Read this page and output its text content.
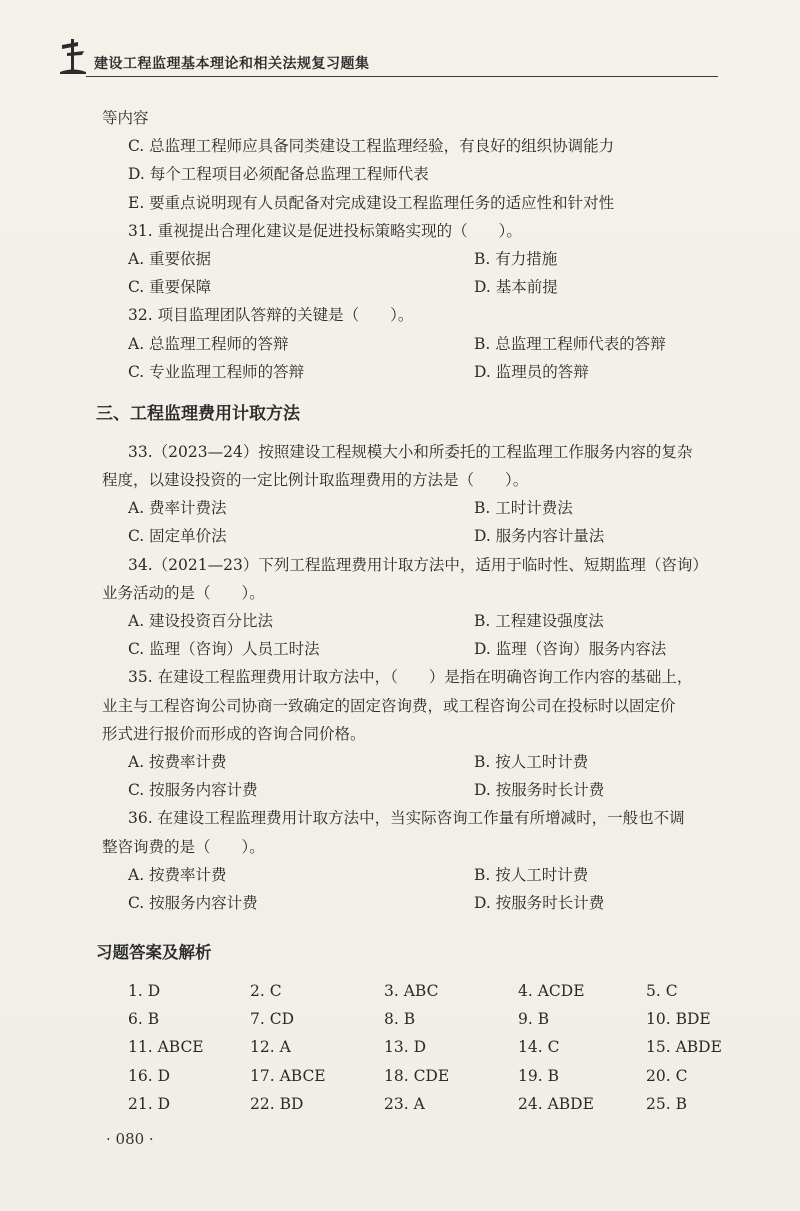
建设工程监理基本理论和相关法规复习题集
等内容
C. 总监理工程师应具备同类建设工程监理经验，有良好的组织协调能力
D. 每个工程项目必须配备总监理工程师代表
E. 要重点说明现有人员配备对完成建设工程监理任务的适应性和针对性
31. 重视提出合理化建议是促进投标策略实现的（　　）。
A. 重要依据	B. 有力措施
C. 重要保障	D. 基本前提
32. 项目监理团队答辩的关键是（　　）。
A. 总监理工程师的答辩	B. 总监理工程师代表的答辩
C. 专业监理工程师的答辩	D. 监理员的答辩
三、工程监理费用计取方法
33.（2023—24）按照建设工程规模大小和所委托的工程监理工作服务内容的复杂
程度，以建设投资的一定比例计取监理费用的方法是（　　）。
A. 费率计费法	B. 工时计费法
C. 固定单价法	D. 服务内容计量法
34.（2021—23）下列工程监理费用计取方法中，适用于临时性、短期监理（咨询）
业务活动的是（　　）。
A. 建设投资百分比法	B. 工程建设强度法
C. 监理（咨询）人员工时法	D. 监理（咨询）服务内容法
35. 在建设工程监理费用计取方法中，（　　）是指在明确咨询工作内容的基础上，
业主与工程咨询公司协商一致确定的固定咨询费，或工程咨询公司在投标时以固定价
形式进行报价而形成的咨询合同价格。
A. 按费率计费	B. 按人工时计费
C. 按服务内容计费	D. 按服务时长计费
36. 在建设工程监理费用计取方法中，当实际咨询工作量有所增减时，一般也不调
整咨询费的是（　　）。
A. 按费率计费	B. 按人工时计费
C. 按服务内容计费	D. 按服务时长计费
习题答案及解析
1. D	2. C	3. ABC	4. ACDE	5. C
6. B	7. CD	8. B	9. B	10. BDE
11. ABCE	12. A	13. D	14. C	15. ABDE
16. D	17. ABCE	18. CDE	19. B	20. C
21. D	22. BD	23. A	24. ABDE	25. B
· 080 ·
